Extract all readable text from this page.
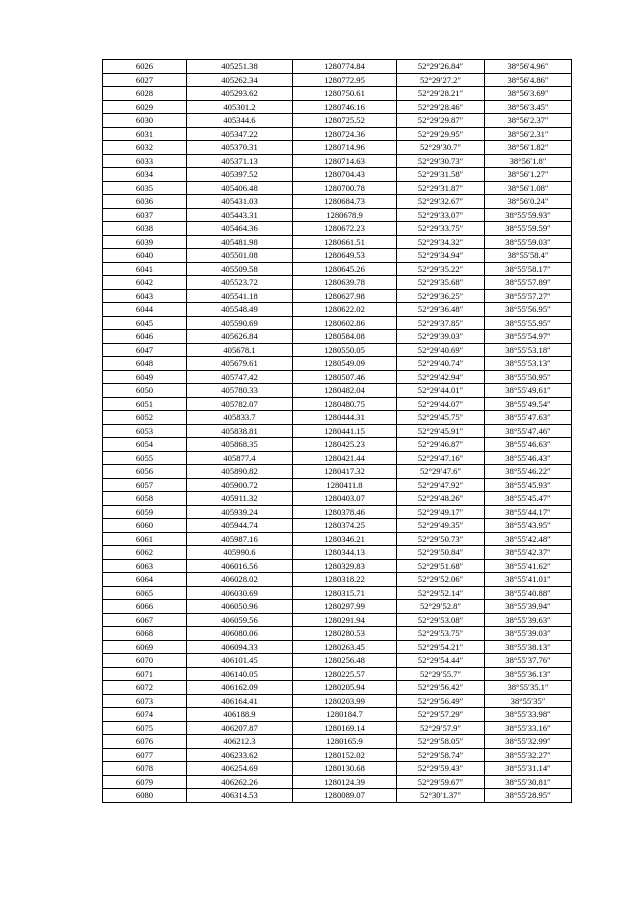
6026	405251.38	1280774.84	52°29′26.84″	38°56′4.96″
6027	405262.34	1280772.95	52°29′27.2″	38°56′4.86″
6028	405293.62	1280750.61	52°29′28.21″	38°56′3.69″
6029	405301.2	1280746.16	52°29′28.46″	38°56′3.45″
6030	405344.6	1280725.52	52°29′29.87″	38°56′2.37″
6031	405347.22	1280724.36	52°29′29.95″	38°56′2.31″
6032	405370.31	1280714.96	52°29′30.7″	38°56′1.82″
6033	405371.13	1280714.63	52°29′30.73″	38°56′1.8″
6034	405397.52	1280704.43	52°29′31.58″	38°56′1.27″
6035	405406.48	1280700.78	52°29′31.87″	38°56′1.08″
6036	405431.03	1280684.73	52°29′32.67″	38°56′0.24″
6037	405443.31	1280678.9	52°29′33.07″	38°55′59.93″
6038	405464.36	1280672.23	52°29′33.75″	38°55′59.59″
6039	405481.98	1280661.51	52°29′34.32″	38°55′59.03″
6040	405501.08	1280649.53	52°29′34.94″	38°55′58.4″
6041	405509.58	1280645.26	52°29′35.22″	38°55′58.17″
6042	405523.72	1280639.78	52°29′35.68″	38°55′57.89″
6043	405541.18	1280627.98	52°29′36.25″	38°55′57.27″
6044	405548.49	1280622.02	52°29′36.48″	38°55′56.95″
6045	405590.69	1280602.86	52°29′37.85″	38°55′55.95″
6046	405626.84	1280584.08	52°29′39.03″	38°55′54.97″
6047	405678.1	1280550.05	52°29′40.69″	38°55′53.18″
6048	405679.61	1280549.09	52°29′40.74″	38°55′53.13″
6049	405747.42	1280507.46	52°29′42.94″	38°55′50.95″
6050	405780.33	1280482.04	52°29′44.01″	38°55′49.61″
6051	405782.07	1280480.75	52°29′44.07″	38°55′49.54″
6052	405833.7	1280444.31	52°29′45.75″	38°55′47.63″
6053	405838.81	1280441.15	52°29′45.91″	38°55′47.46″
6054	405868.35	1280425.23	52°29′46.87″	38°55′46.63″
6055	405877.4	1280421.44	52°29′47.16″	38°55′46.43″
6056	405890.82	1280417.32	52°29′47.6″	38°55′46.22″
6057	405900.72	1280411.8	52°29′47.92″	38°55′45.93″
6058	405911.32	1280403.07	52°29′48.26″	38°55′45.47″
6059	405939.24	1280378.46	52°29′49.17″	38°55′44.17″
6060	405944.74	1280374.25	52°29′49.35″	38°55′43.95″
6061	405987.16	1280346.21	52°29′50.73″	38°55′42.48″
6062	405990.6	1280344.13	52°29′50.84″	38°55′42.37″
6063	406016.56	1280329.83	52°29′51.68″	38°55′41.62″
6064	406028.02	1280318.22	52°29′52.06″	38°55′41.01″
6065	406030.69	1280315.71	52°29′52.14″	38°55′40.88″
6066	406050.96	1280297.99	52°29′52.8″	38°55′39.94″
6067	406059.56	1280291.94	52°29′53.08″	38°55′39.63″
6068	406080.06	1280280.53	52°29′53.75″	38°55′39.03″
6069	406094.33	1280263.45	52°29′54.21″	38°55′38.13″
6070	406101.45	1280256.48	52°29′54.44″	38°55′37.76″
6071	406140.05	1280225.57	52°29′55.7″	38°55′36.13″
6072	406162.09	1280205.94	52°29′56.42″	38°55′35.1″
6073	406164.41	1280203.99	52°29′56.49″	38°55′35″
6074	406188.9	1280184.7	52°29′57.29″	38°55′33.98″
6075	406207.87	1280169.14	52°29′57.9″	38°55′33.16″
6076	406212.3	1280165.9	52°29′58.05″	38°55′32.99″
6077	406233.62	1280152.02	52°29′58.74″	38°55′32.27″
6078	406254.69	1280130.68	52°29′59.43″	38°55′31.14″
6079	406262.26	1280124.39	52°29′59.67″	38°55′30.81″
6080	406314.53	1280089.07	52°30′1.37″	38°55′28.95″
